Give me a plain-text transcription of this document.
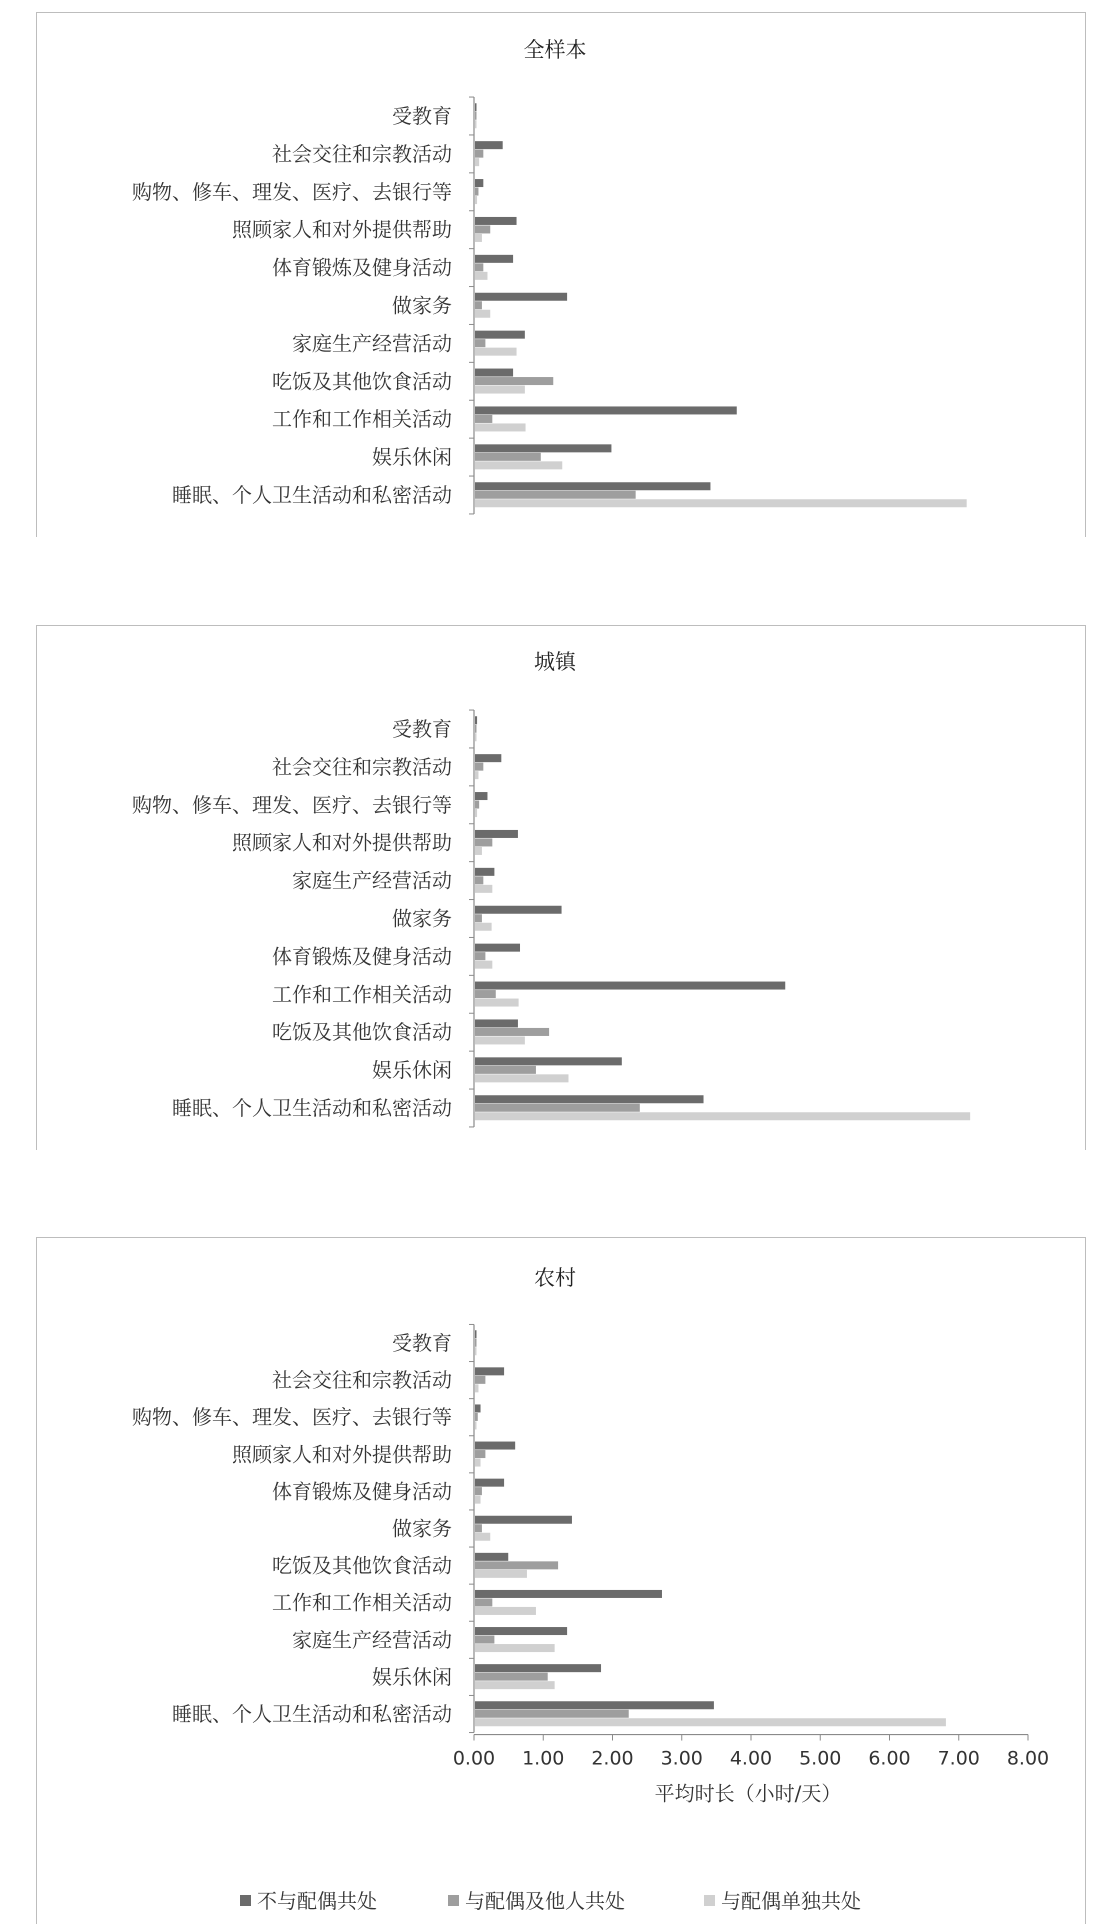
全样本
受教育
社会交往和宗教活动
购物、修车、理发、医疗、去银行等
照顾家人和对外提供帮助
体育锻炼及健身活动
做家务
家庭生产经营活动
吃饭及其他饮食活动
工作和工作相关活动
娱乐休闲
睡眠、个人卫生活动和私密活动
城镇
受教育
社会交往和宗教活动
购物、修车、理发、医疗、去银行等
照顾家人和对外提供帮助
家庭生产经营活动
做家务
体育锻炼及健身活动
工作和工作相关活动
吃饭及其他饮食活动
娱乐休闲
睡眠、个人卫生活动和私密活动
农村
受教育
社会交往和宗教活动
购物、修车、理发、医疗、去银行等
照顾家人和对外提供帮助
体育锻炼及健身活动
做家务
吃饭及其他饮食活动
工作和工作相关活动
家庭生产经营活动
娱乐休闲
睡眠、个人卫生活动和私密活动
0.00 1.00 2.00 3.00 4.00 5.00 6.00 7.00 8.00
平均时长（小时/天）
不与配偶共处	与配偶及他人共处	与配偶单独共处
